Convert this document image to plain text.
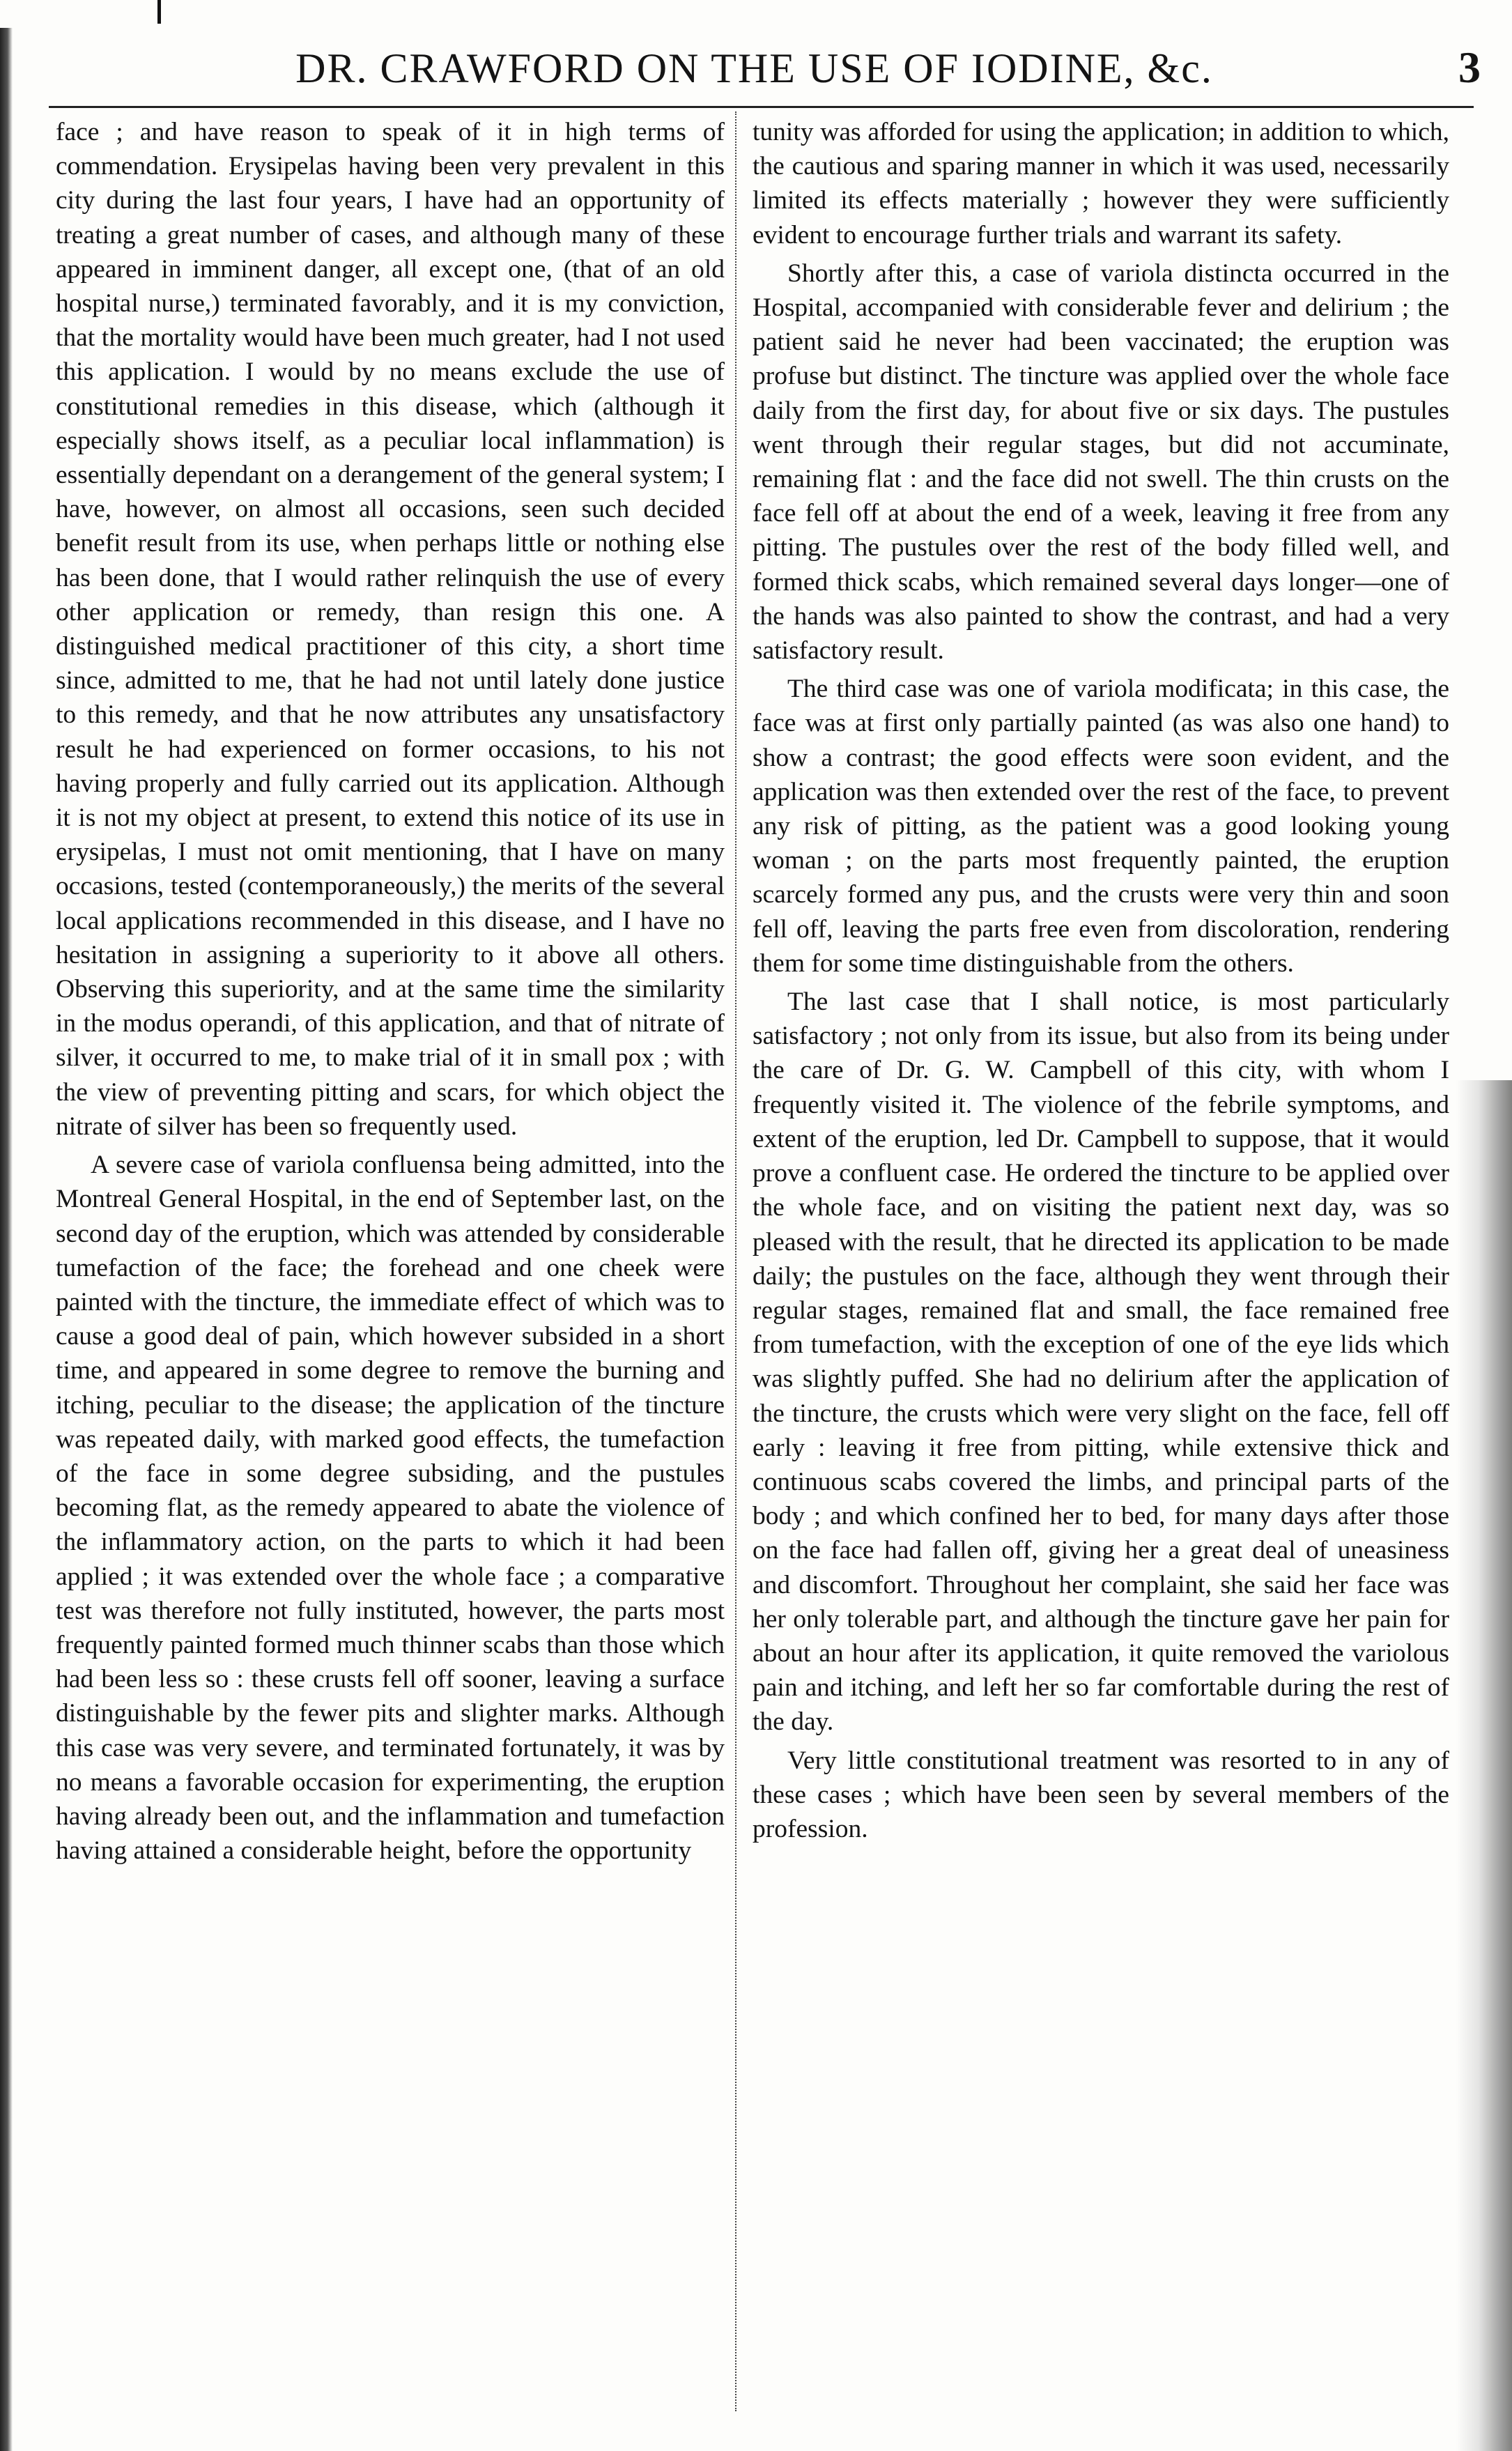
DR. CRAWFORD ON THE USE OF IODINE, &c.	3

face ; and have reason to speak of it in high terms of commendation. Erysipelas having been very prevalent in this city during the last four years, I have had an opportunity of treating a great number of cases, and although many of these appeared in imminent danger, all except one, (that of an old hospital nurse,) terminated favorably, and it is my conviction, that the mortality would have been much greater, had I not used this application. I would by no means exclude the use of constitutional remedies in this disease, which (although it especially shows itself, as a peculiar local inflammation) is essentially dependant on a derangement of the general system; I have, however, on almost all occasions, seen such decided benefit result from its use, when perhaps little or nothing else has been done, that I would rather relinquish the use of every other application or remedy, than resign this one. A distinguished medical practitioner of this city, a short time since, admitted to me, that he had not until lately done justice to this remedy, and that he now attributes any unsatisfactory result he had experienced on former occasions, to his not having properly and fully carried out its application. Although it is not my object at present, to extend this notice of its use in erysipelas, I must not omit mentioning, that I have on many occasions, tested (contemporaneously,) the merits of the several local applications recommended in this disease, and I have no hesitation in assigning a superiority to it above all others. Observing this superiority, and at the same time the similarity in the modus operandi, of this application, and that of nitrate of silver, it occurred to me, to make trial of it in small pox ; with the view of preventing pitting and scars, for which object the nitrate of silver has been so frequently used.

A severe case of variola confluensa being admitted, into the Montreal General Hospital, in the end of September last, on the second day of the eruption, which was attended by considerable tumefaction of the face; the forehead and one cheek were painted with the tincture, the immediate effect of which was to cause a good deal of pain, which however subsided in a short time, and appeared in some degree to remove the burning and itching, peculiar to the disease; the application of the tincture was repeated daily, with marked good effects, the tumefaction of the face in some degree subsiding, and the pustules becoming flat, as the remedy appeared to abate the violence of the inflammatory action, on the parts to which it had been applied ; it was extended over the whole face ; a comparative test was therefore not fully instituted, however, the parts most frequently painted formed much thinner scabs than those which had been less so : these crusts fell off sooner, leaving a surface distinguishable by the fewer pits and slighter marks. Although this case was very severe, and terminated fortunately, it was by no means a favorable occasion for experimenting, the eruption having already been out, and the inflammation and tumefaction having attained a considerable height, before the opportunity

tunity was afforded for using the application; in addition to which, the cautious and sparing manner in which it was used, necessarily limited its effects materially ; however they were sufficiently evident to encourage further trials and warrant its safety.

Shortly after this, a case of variola distincta occurred in the Hospital, accompanied with considerable fever and delirium ; the patient said he never had been vaccinated; the eruption was profuse but distinct. The tincture was applied over the whole face daily from the first day, for about five or six days. The pustules went through their regular stages, but did not accuminate, remaining flat : and the face did not swell. The thin crusts on the face fell off at about the end of a week, leaving it free from any pitting. The pustules over the rest of the body filled well, and formed thick scabs, which remained several days longer—one of the hands was also painted to show the contrast, and had a very satisfactory result.

The third case was one of variola modificata; in this case, the face was at first only partially painted (as was also one hand) to show a contrast; the good effects were soon evident, and the application was then extended over the rest of the face, to prevent any risk of pitting, as the patient was a good looking young woman ; on the parts most frequently painted, the eruption scarcely formed any pus, and the crusts were very thin and soon fell off, leaving the parts free even from discoloration, rendering them for some time distinguishable from the others.

The last case that I shall notice, is most particularly satisfactory ; not only from its issue, but also from its being under the care of Dr. G. W. Campbell of this city, with whom I frequently visited it. The violence of the febrile symptoms, and extent of the eruption, led Dr. Campbell to suppose, that it would prove a confluent case. He ordered the tincture to be applied over the whole face, and on visiting the patient next day, was so pleased with the result, that he directed its application to be made daily; the pustules on the face, although they went through their regular stages, remained flat and small, the face remained free from tumefaction, with the exception of one of the eye lids which was slightly puffed. She had no delirium after the application of the tincture, the crusts which were very slight on the face, fell off early : leaving it free from pitting, while extensive thick and continuous scabs covered the limbs, and principal parts of the body ; and which confined her to bed, for many days after those on the face had fallen off, giving her a great deal of uneasiness and discomfort. Throughout her complaint, she said her face was her only tolerable part, and although the tincture gave her pain for about an hour after its application, it quite removed the variolous pain and itching, and left her so far comfortable during the rest of the day.

Very little constitutional treatment was resorted to in any of these cases ; which have been seen by several members of the profession.
